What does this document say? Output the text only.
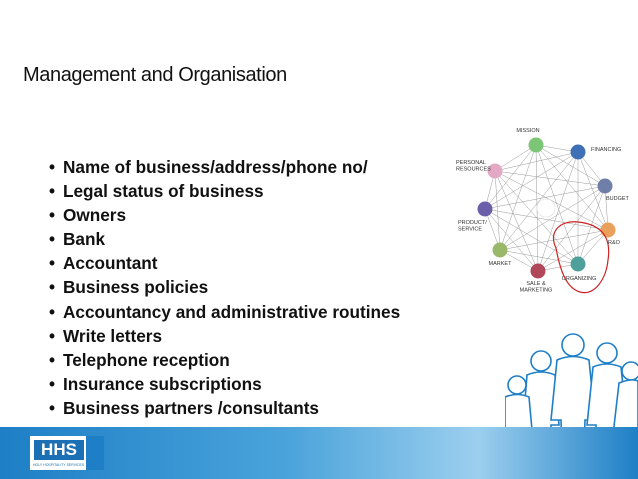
Management and Organisation
• Name of business/address/phone no/
• Legal status of business
• Owners
• Bank
• Accountant
• Business policies
• Accountancy and administrative routines
• Write letters
• Telephone reception
• Insurance subscriptions
• Business partners /consultants
MISSION
FINANCING
BUDGET
R&O
ORGANIZING
SALE &
MARKETING
MARKET
PRODUCT/
SERVICE
PERSONAL
RESOURCES
HHS
HOLY HOSPITALITY SERVICES
